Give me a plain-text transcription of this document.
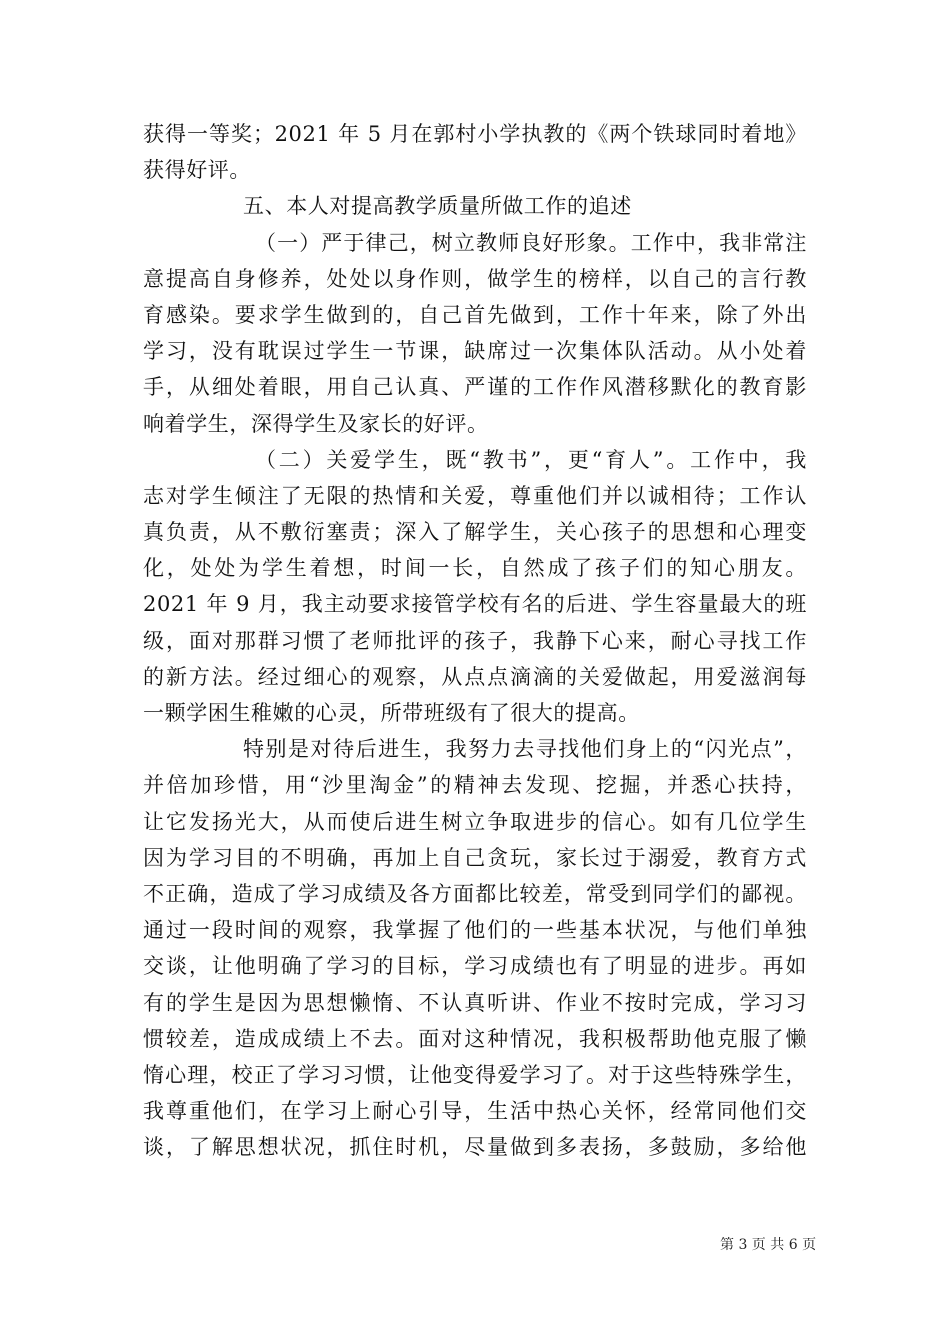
获得一等奖；2021 年 5 月在郭村小学执教的《两个铁球同时着地》
获得好评。
五、本人对提高教学质量所做工作的追述
（一）严于律己，树立教师良好形象。工作中，我非常注
意提高自身修养，处处以身作则，做学生的榜样，以自己的言行教
育感染。要求学生做到的，自己首先做到，工作十年来，除了外出
学习，没有耽误过学生一节课，缺席过一次集体队活动。从小处着
手，从细处着眼，用自己认真、严谨的工作作风潜移默化的教育影
响着学生，深得学生及家长的好评。
（二）关爱学生，既“教书”，更“育人”。工作中，我
志对学生倾注了无限的热情和关爱，尊重他们并以诚相待；工作认
真负责，从不敷衍塞责；深入了解学生，关心孩子的思想和心理变
化，处处为学生着想，时间一长，自然成了孩子们的知心朋友。
2021 年 9 月，我主动要求接管学校有名的后进、学生容量最大的班
级，面对那群习惯了老师批评的孩子，我静下心来，耐心寻找工作
的新方法。经过细心的观察，从点点滴滴的关爱做起，用爱滋润每
一颗学困生稚嫩的心灵，所带班级有了很大的提高。
特别是对待后进生，我努力去寻找他们身上的“闪光点”，
并倍加珍惜，用“沙里淘金”的精神去发现、挖掘，并悉心扶持，
让它发扬光大，从而使后进生树立争取进步的信心。如有几位学生
因为学习目的不明确，再加上自己贪玩，家长过于溺爱，教育方式
不正确，造成了学习成绩及各方面都比较差，常受到同学们的鄙视。
通过一段时间的观察，我掌握了他们的一些基本状况，与他们单独
交谈，让他明确了学习的目标，学习成绩也有了明显的进步。再如
有的学生是因为思想懒惰、不认真听讲、作业不按时完成，学习习
惯较差，造成成绩上不去。面对这种情况，我积极帮助他克服了懒
惰心理，校正了学习习惯，让他变得爱学习了。对于这些特殊学生，
我尊重他们，在学习上耐心引导，生活中热心关怀，经常同他们交
谈，了解思想状况，抓住时机，尽量做到多表扬，多鼓励，多给他
第 3 页 共 6 页
